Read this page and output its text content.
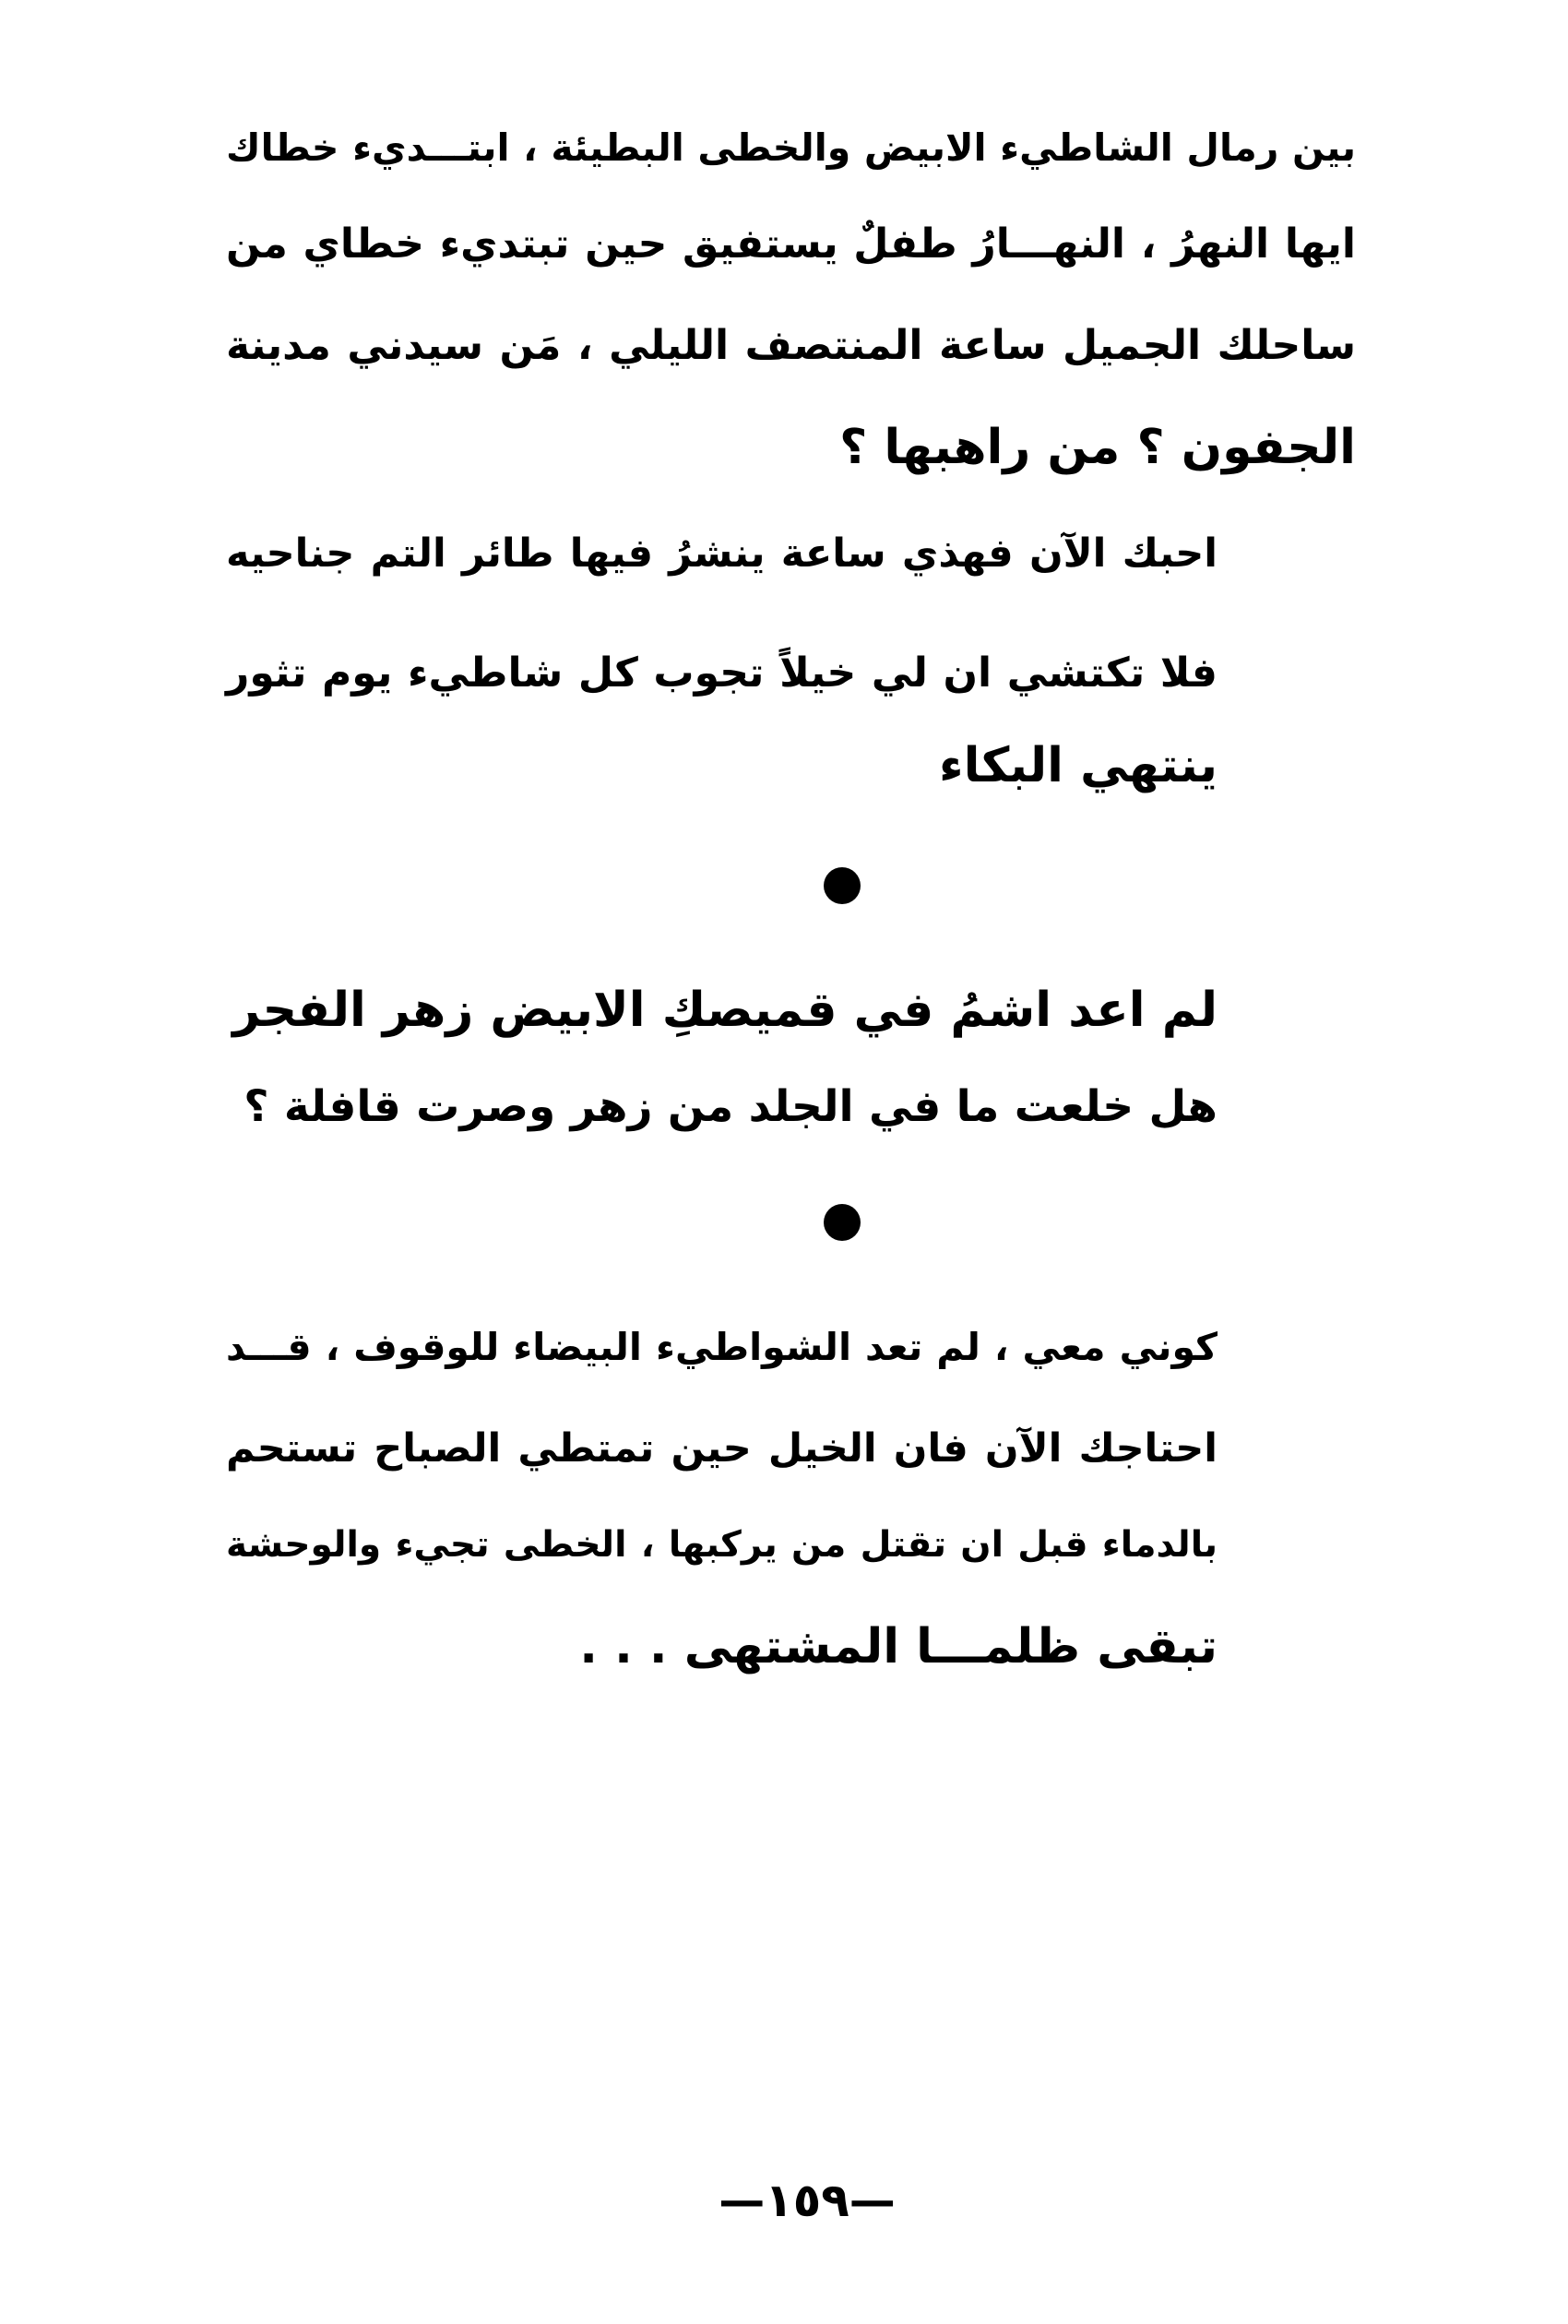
بين رمال الشاطيء الابيض والخطى البطيئة ، ابتـــديء خطاك
ايها النهرُ ، النهـــارُ طفلٌ يستفيق حين تبتديء خطاي من
ساحلك الجميل ساعة المنتصف الليلي ، مَن سيدني مدينة
الجفون ؟ من راهبها ؟
احبك الآن فهذي ساعة ينشرُ فيها طائر التم جناحيه
فلا تكتشي ان لي خيلاً تجوب كل شاطيء يوم تثور
ينتهي البكاء
لم اعد اشمُ في قميصكِ الابيض زهر الفجر
هل خلعت ما في الجلد من زهر وصرت قافلة ؟
كوني معي ، لم تعد الشواطيء البيضاء للوقوف ، قـــد
احتاجك الآن فان الخيل حين تمتطي الصباح تستحم
بالدماء قبل ان تقتل من يركبها ، الخطى تجيء والوحشة
تبقى ظلمـــا المشتهى . . .
—١٥٩—
